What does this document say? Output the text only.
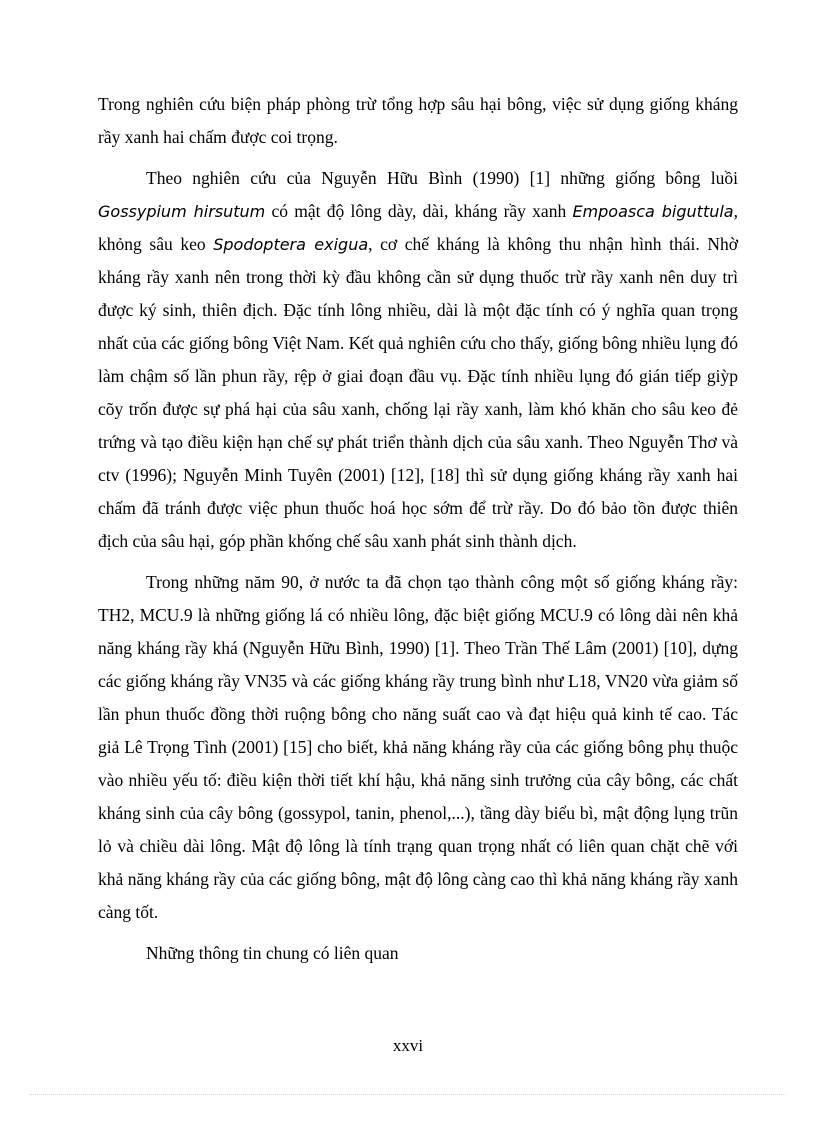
Trong nghiên cứu biện pháp phòng trừ tổng hợp sâu hại bông, việc sử dụng giống kháng rầy xanh hai chấm được coi trọng.

Theo nghiên cứu của Nguyễn Hữu Bình (1990) [1] những giống bông luồi Gossypium hirsutum có mật độ lông dày, dài, kháng rầy xanh Empoasca biguttula, khỏng sâu keo Spodoptera exigua, cơ chế kháng là không thu nhận hình thái. Nhờ kháng rầy xanh nên trong thời kỳ đầu không cần sử dụng thuốc trừ rầy xanh nên duy trì được ký sinh, thiên địch. Đặc tính lông nhiều, dài là một đặc tính có ý nghĩa quan trọng nhất của các giống bông Việt Nam. Kết quả nghiên cứu cho thấy, giống bông nhiều lụng đó làm chậm số lần phun rầy, rệp ở giai đoạn đầu vụ. Đặc tính nhiều lụng đó gián tiếp giỳp cõy trốn được sự phá hại của sâu xanh, chống lại rầy xanh, làm khó khăn cho sâu keo đẻ trứng và tạo điều kiện hạn chế sự phát triển thành dịch của sâu xanh. Theo Nguyễn Thơ và ctv (1996); Nguyễn Minh Tuyên (2001) [12], [18] thì sử dụng giống kháng rầy xanh hai chấm đã tránh được việc phun thuốc hoá học sớm để trừ rầy. Do đó bảo tồn được thiên địch của sâu hại, góp phần khống chế sâu xanh phát sinh thành dịch.

Trong những năm 90, ở nước ta đã chọn tạo thành công một số giống kháng rầy: TH2, MCU.9 là những giống lá có nhiều lông, đặc biệt giống MCU.9 có lông dài nên khả năng kháng rầy khá (Nguyễn Hữu Bình, 1990) [1]. Theo Trần Thế Lâm (2001) [10], dựng các giống kháng rầy VN35 và các giống kháng rầy trung bình như L18, VN20 vừa giảm số lần phun thuốc đồng thời ruộng bông cho năng suất cao và đạt hiệu quả kinh tế cao. Tác giả Lê Trọng Tình (2001) [15] cho biết, khả năng kháng rầy của các giống bông phụ thuộc vào nhiều yếu tố: điều kiện thời tiết khí hậu, khả năng sinh trưởng của cây bông, các chất kháng sinh của cây bông (gossypol, tanin, phenol,...), tầng dày biểu bì, mật động lụng trũn lỏ và chiều dài lông. Mật độ lông là tính trạng quan trọng nhất có liên quan chặt chẽ với khả năng kháng rầy của các giống bông, mật độ lông càng cao thì khả năng kháng rầy xanh càng tốt.

Những thông tin chung có liên quan

xxvi
